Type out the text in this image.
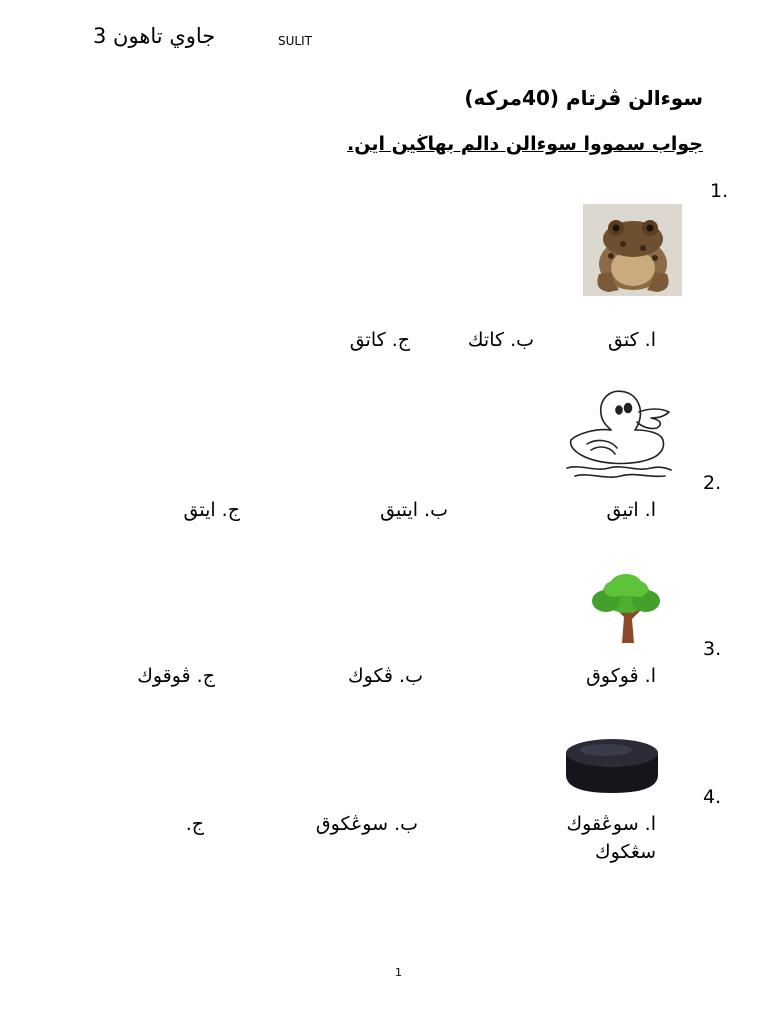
جاوي تاهون 3	SULIT
سوءالن ڤرتام (40مركه)
جواب سمووا سوءالن دالم بهاڬين اين.
1.
ا. كتق
ب. كاتك
ج. كاتق
2.
ا. اتيق
ب. ايتيق
ج. ايتق
3.
ا. ڤوكوق
ب. ڤكوك
ج. ڤوقوك
4.
ا. سوڠقوك
ب. سوڠكوق
ج.
سڠكوك
1
